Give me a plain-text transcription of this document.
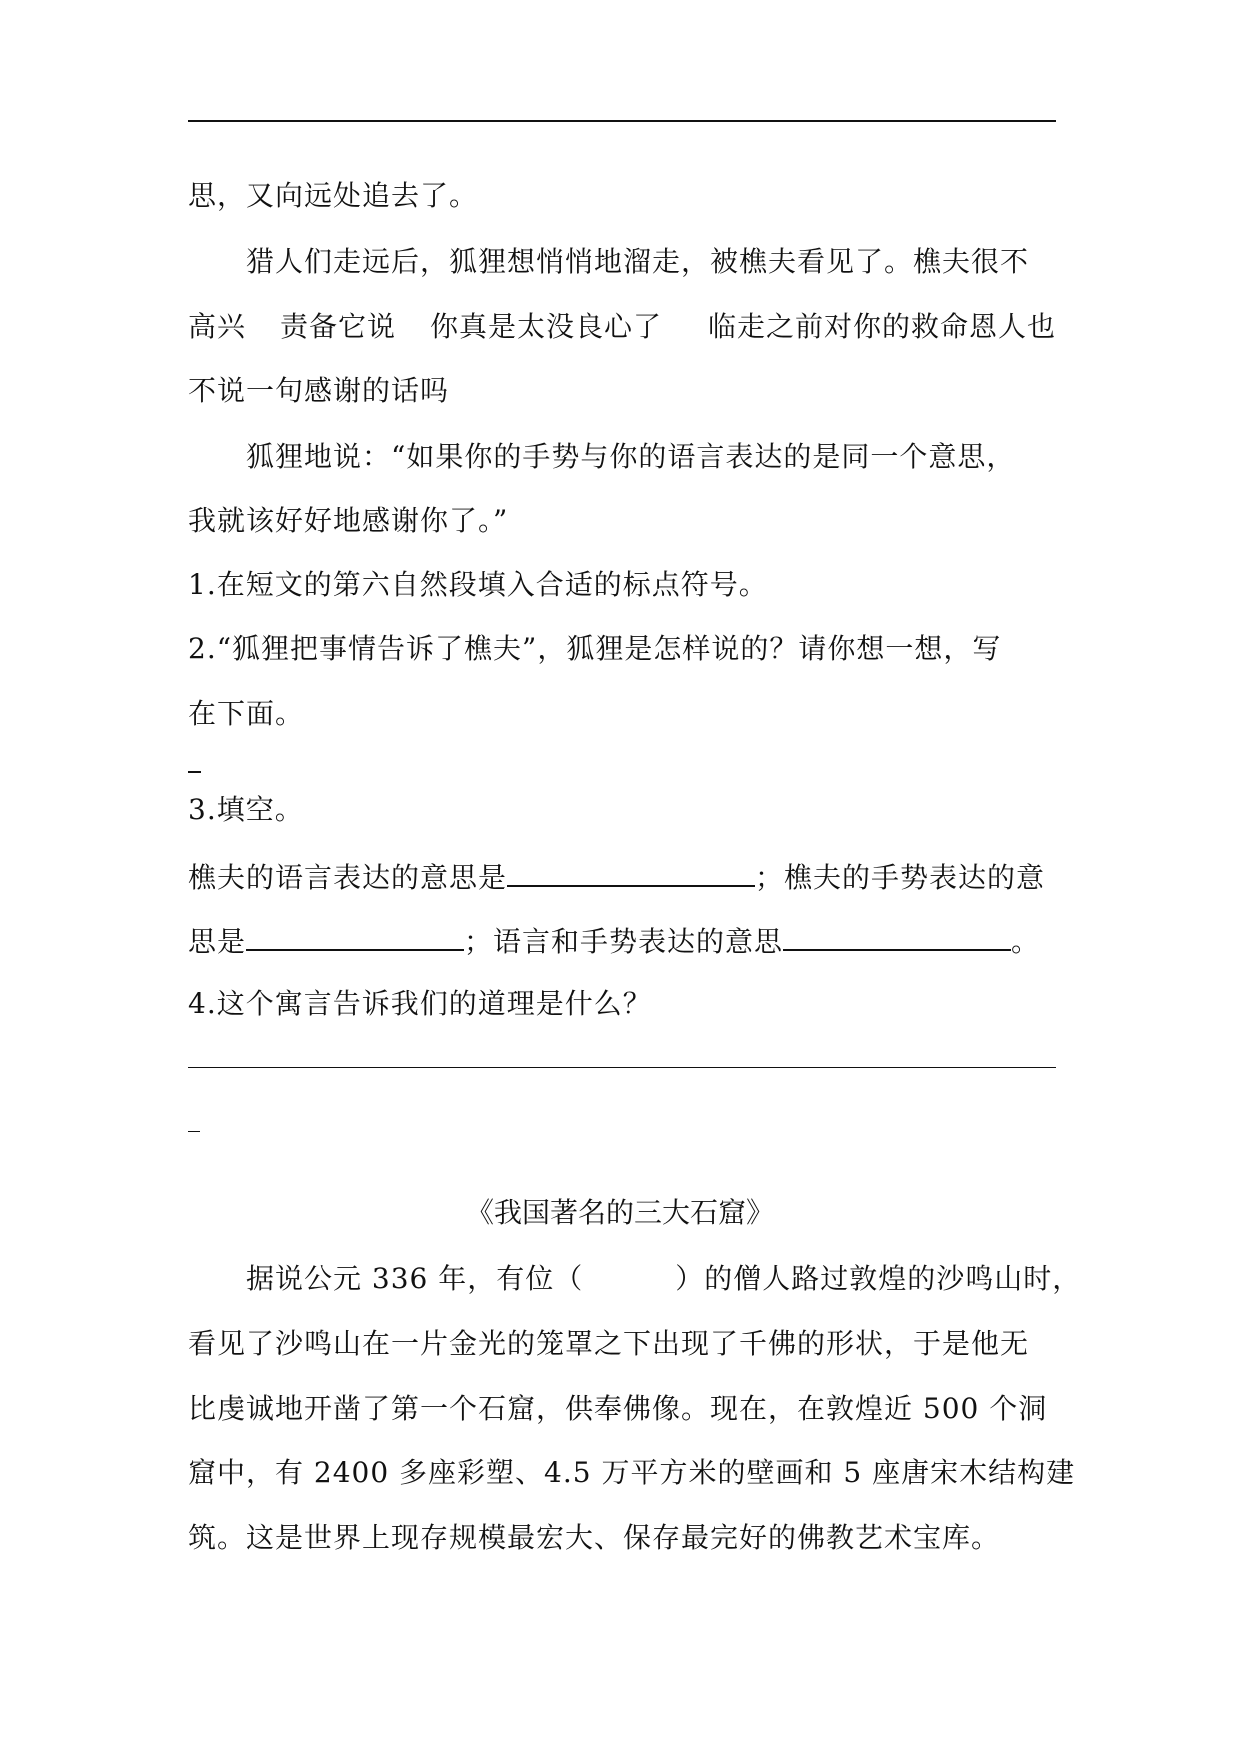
思，又向远处追去了。
猎人们走远后，狐狸想悄悄地溜走，被樵夫看见了。樵夫很不
高兴 责备它说 你真是太没良心了 临走之前对你的救命恩人也
不说一句感谢的话吗
狐狸地说：“如果你的手势与你的语言表达的是同一个意思，
我就该好好地感谢你了。”
1.在短文的第六自然段填入合适的标点符号。
2.“狐狸把事情告诉了樵夫”，狐狸是怎样说的？请你想一想，写
在下面。
3.填空。
樵夫的语言表达的意思是	；樵夫的手势表达的意
思是	；语言和手势表达的意思	。
4.这个寓言告诉我们的道理是什么？
《我国著名的三大石窟》
据说公元 336 年，有位（	）的僧人路过敦煌的沙鸣山时，
看见了沙鸣山在一片金光的笼罩之下出现了千佛的形状，于是他无
比虔诚地开凿了第一个石窟，供奉佛像。现在，在敦煌近 500 个洞
窟中，有 2400 多座彩塑、4.5 万平方米的壁画和 5 座唐宋木结构建
筑。这是世界上现存规模最宏大、保存最完好的佛教艺术宝库。
